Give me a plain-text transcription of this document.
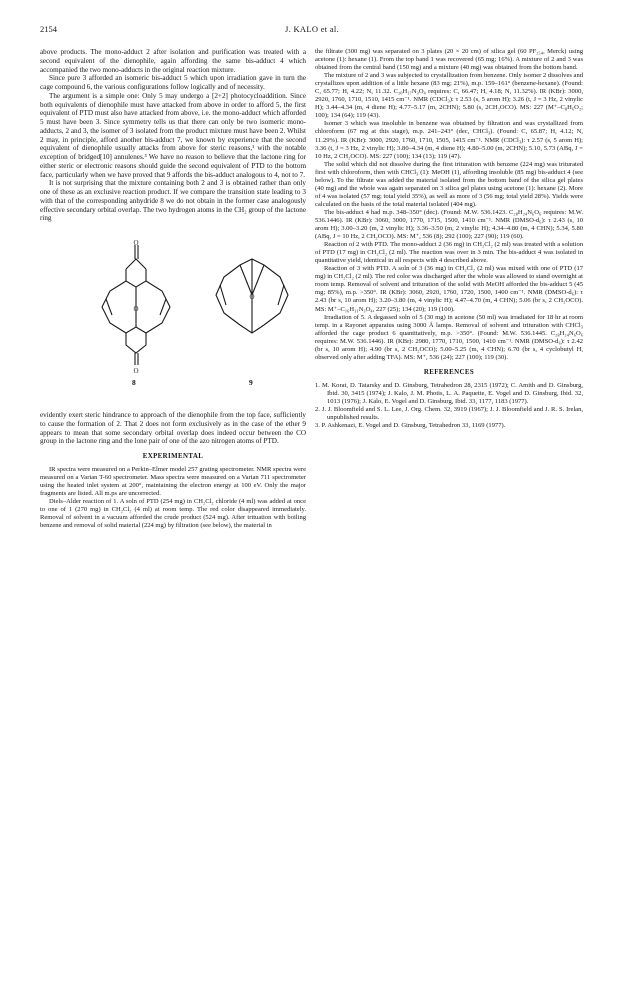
2154	J. KALO et al.

above products. The mono-adduct 2 after isolation and purification was treated with a second equivalent of the dienophile, again affording the same bis-adduct 4 which accompanied the two mono-adducts in the original reaction mixture.

Since pure 3 afforded an isomeric bis-adduct 5 which upon irradiation gave in turn the cage compound 6, the various configurations follow logically and of necessity.

The argument is a simple one: Only 5 may undergo a [2+2] photocycloaddition. Since both equivalents of dienophile must have attacked from above in order to afford 5, the first equivalent of PTD must also have attacked from above, i.e. the mono-adduct which afforded 5 must have been 3. Since symmetry tells us that there can only be two isomeric mono-adducts, 2 and 3, the isomer of 3 isolated from the product mixture must have been 2. Whilst 2 may, in principle, afford another bis-adduct 7, we known by experience that the second equivalent of dienophile usually attacks from above for steric reasons,¹ with the notable exception of bridged[10] annulenes.³ We have no reason to believe that the lactone ring for either steric or electronic reasons should guide the second equivalent of PTD to the bottom face, particularly when we have proved that 9 affords the bis-adduct analogous to 4, not to 7.

It is not surprising that the mixture containing both 2 and 3 is obtained rather than only one of these as an exclusive reaction product. If we compare the transition state leading to 3 with that of the corresponding anhydride 8 we do not obtain in the former case analogously effective secondary orbital overlap. The two hydrogen atoms in the CH₂ group of the lactone ring

O
O
O
O
8	9

evidently exert steric hindrance to approach of the dienophile from the top face, sufficiently to cause the formation of 2. That 2 does not form exclusively as in the case of the ether 9 appears to mean that some secondary orbital overlap does indeed occur between the CO group in the lactone ring and the lone pair of one of the azo nitrogen atoms of PTD.

EXPERIMENTAL

IR spectra were measured on a Perkin–Elmer model 257 grating spectrometer. NMR spectra were measured on a Varian T-60 spectrometer. Mass spectra were measured on a Varian 711 spectrometer using the heated inlet system at 200°, maintaining the electron energy at 100 eV. Only the major fragments are listed. All m.ps are uncorrected.

Diels–Alder reaction of 1. A soln of PTD (254 mg) in CH₂Cl₂ chloride (4 ml) was added at once to one of 1 (270 mg) in CH₂Cl₂ (4 ml) at room temp. The red color disappeared immediately. Removal of solvent in a vacuum afforded the crude product (524 mg). After trituation with boiling benzene and removal of solid material (224 mg) by filtration (see below), the material in

the filtrate (300 mg) was separated on 3 plates (20 × 20 cm) of silica gel (60 PF₂₅₄, Merck) using acetone (1): hexane (1). From the top band 1 was recovered (65 mg; 16%). A mixture of 2 and 3 was obtained from the central band (150 mg) and a mixture (40 mg) was obtained from the bottom band.

The mixture of 2 and 3 was subjected to crystallization from benzene. Only isomer 2 dissolves and crystallizes upon addition of a little hexane (83 mg; 21%), m.p. 159–161° (benzene-hexane). (Found: C, 65.77; H, 4.22; N, 11.32. C₂₀H₁₇N₃O₄ requires: C, 66.47; H, 4.18; N, 11.32%). IR (KBr): 3000, 2920, 1760, 1710, 1510, 1415 cm⁻¹. NMR (CDCl₃): τ 2.53 (s, 5 arom H); 3.26 (t, J = 3 Hz, 2 vinylic H); 3.44–4.34 (m, 4 diene H); 4.77–5.17 (m, 2CHN); 5.80 (s, 2CH₂OCO). MS: 227 (M⁺–C₈H₆O₂; 100); 134 (64); 119 (43).

Isomer 3 which was insoluble in benzene was obtained by filtration and was crystallized from chloroform (67 mg at this stage), m.p. 241–243° (dec, CHCl₃). (Found: C, 65.87; H, 4.12; N, 11.29%). IR (KBr): 3000, 2920, 1760, 1710, 1505, 1415 cm⁻¹. NMR (CDCl₃): τ 2.57 (s, 5 arom H); 3.36 (t, J = 3 Hz, 2 vinylic H); 3.80–4.34 (m, 4 diene H); 4.80–5.00 (m, 2CHN); 5.10, 5.73 (ABq, J = 10 Hz, 2 CH₂OCO). MS: 227 (100); 134 (13); 119 (47).

The solid which did not dissolve during the first trituration with benzene (224 mg) was triturated first with chloroform, then with CHCl₃ (1): MeOH (1), affording insoluble (85 mg) bis-adduct 4 (see below). To the filtrate was added the material isolated from the bottom band of the silica gel plates (40 mg) and the whole was again separated on 3 silica gel plates using acetone (1): hexane (2). More of 4 was isolated (57 mg; total yield 35%), as well as more of 3 (56 mg; total yield 28%). Yields were calculated on the basis of the total material isolated (404 mg).

The bis-adduct 4 had m.p. 348–350° (dec). (Found: M.W. 536.1423. C₂₈H₂₄N₆O₆ requires: M.W. 536.1446). IR (KBr): 3060, 3000, 1770, 1715, 1500, 1410 cm⁻¹. NMR (DMSO-d₆): τ 2.43 (s, 10 arom H); 3.00–3.20 (m, 2 vinylic H); 3.36–3.50 (m, 2 vinylic H); 4.34–4.80 (m, 4 CHN); 5.34, 5.80 (ABq, J = 10 Hz, 2 CH₂OCO). MS: M⁺, 536 (8); 292 (100); 227 (90); 119 (60).

Reaction of 2 with PTD. The mono-adduct 2 (36 mg) in CH₂Cl₂ (2 ml) was treated with a solution of PTD (17 mg) in CH₂Cl₂ (2 ml). The reaction was over in 3 min. The bis-adduct 4 was isolated in quantitative yield, identical in all respects with 4 described above.

Reaction of 3 with PTD. A soln of 3 (36 mg) in CH₂Cl₂ (2 ml) was mixed with one of PTD (17 mg) in CH₂Cl₂ (2 ml). The red color was discharged after the whole was allowed to stand overnight at room temp. Removal of solvent and trituration of the solid with MeOH afforded the bis-adduct 5 (45 mg; 85%), m.p. >350°. IR (KBr): 3060, 2920, 1760, 1720, 1500, 1400 cm⁻¹. NMR (DMSO-d₆): τ 2.43 (br s, 10 arom H); 3.20–3.80 (m, 4 vinylic H); 4.47–4.70 (m, 4 CHN); 5.06 (br s, 2 CH₂OCO). MS: M⁺–C₁₆H₁₁N₃O₄, 227 (25); 134 (20); 119 (100).

Irradiation of 5. A degassed soln of 5 (30 mg) in acetone (50 ml) was irradiated for 18 hr at room temp. in a Rayonet apparatus using 3000 Å lamps. Removal of solvent and trituration with CHCl₃ afforded the cage product 6 quantitatively, m.p. >350°. (Found: M.W. 536.1445. C₂₈H₂₄N₆O₆ requires: M.W. 536.1446). IR (KBr): 2980, 1770, 1710, 1500, 1410 cm⁻¹. NMR (DMSO-d₆): τ 2.42 (br s, 10 arom H); 4.90 (br s, 2 CH₂OCO); 5.00–5.25 (m, 4 CHN); 6.70 (br s, 4 cyclobutyl H, observed only after adding TFA). MS: M⁺, 536 (24); 227 (100); 119 (30).

REFERENCES
1. M. Korat, D. Tatarsky and D. Ginsburg, Tetrahedron 28, 2315 (1972); C. Amith and D. Ginsburg, Ibid. 30, 3415 (1974); J. Kalo, J. M. Photis, L. A. Paquette, E. Vogel and D. Ginsburg, Ibid. 32, 1013 (1976); J. Kalo, E. Vogel and D. Ginsburg, Ibid. 33, 1177, 1183 (1977).
2. J. J. Bloomfield and S. L. Lee, J. Org. Chem. 32, 3919 (1967); J. J. Bloomfield and J. R. S. Irelan, unpublished results.
3. P. Ashkenazi, E. Vogel and D. Ginsburg, Tetrahedron 33, 1169 (1977).
